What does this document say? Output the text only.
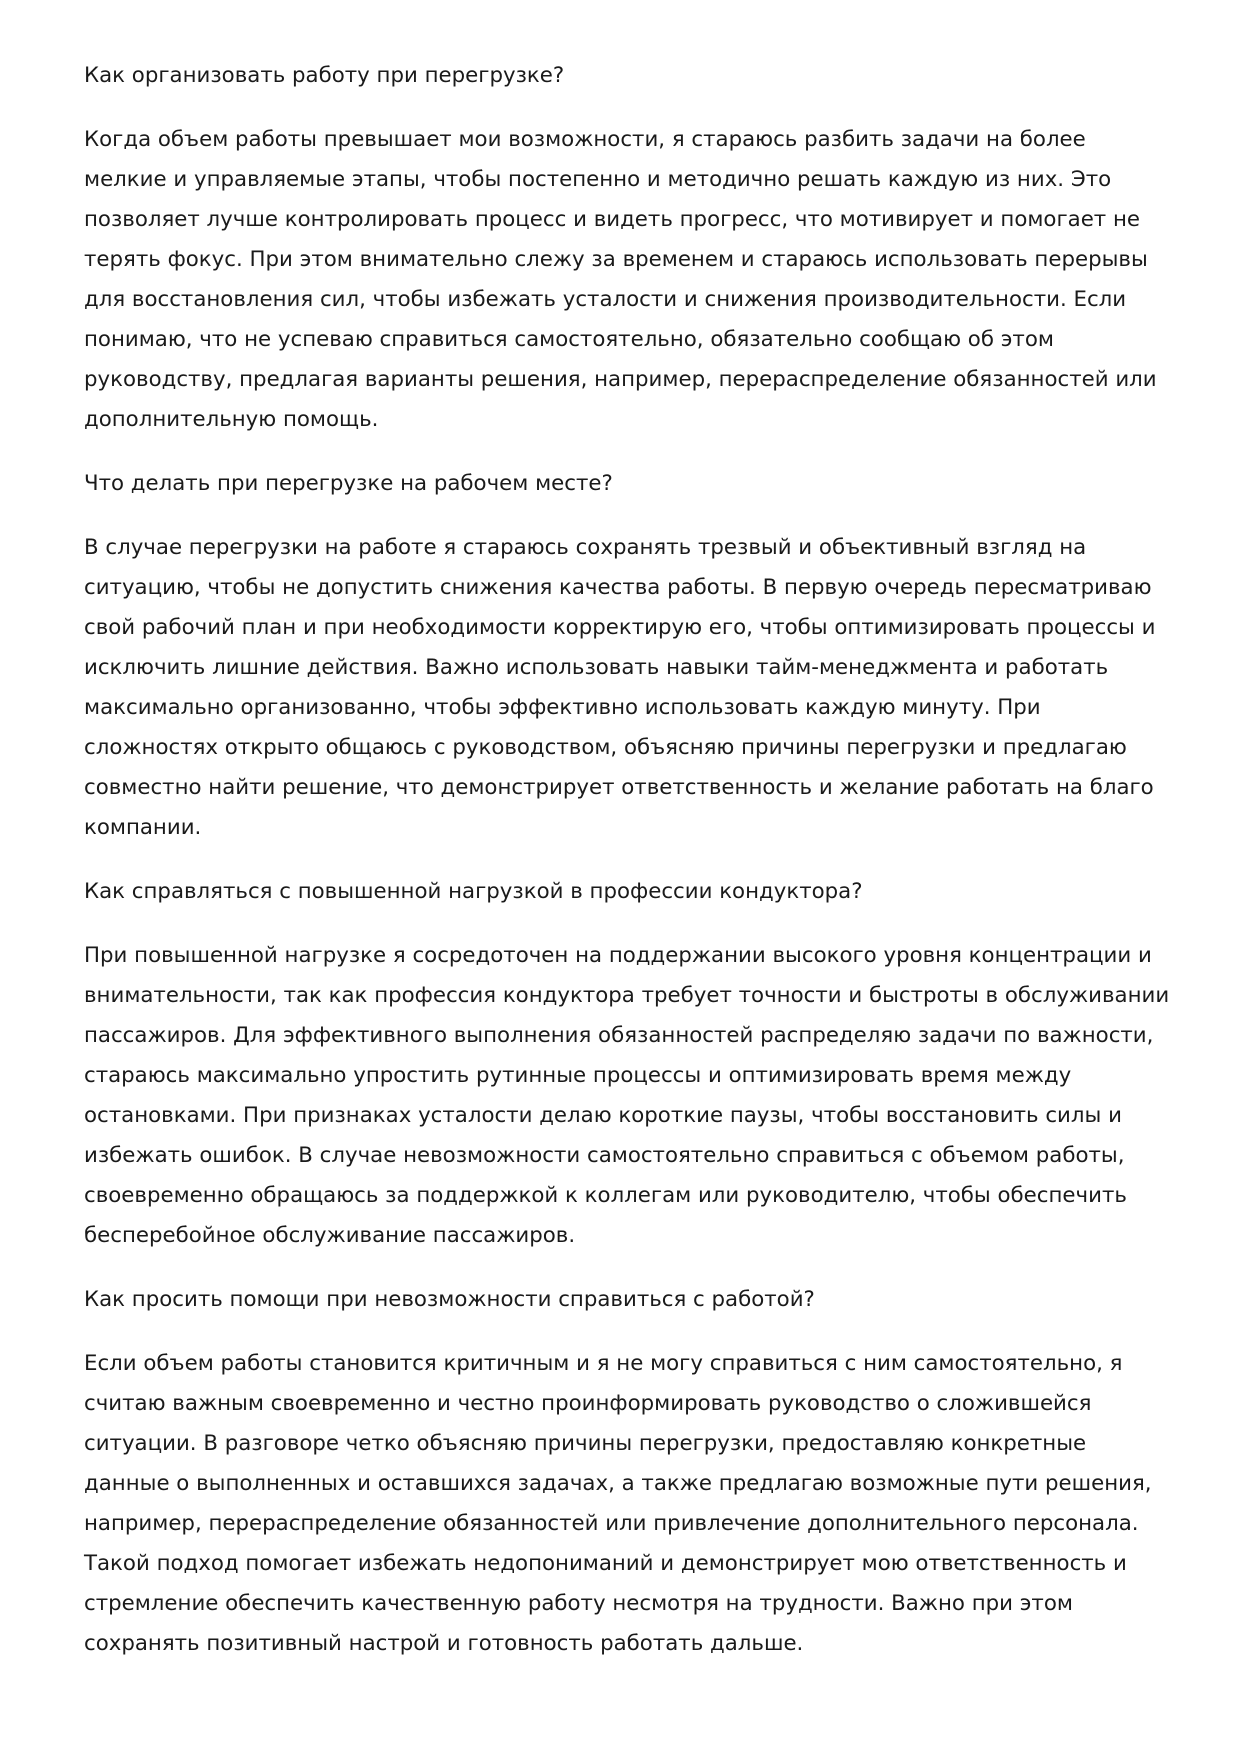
Как организовать работу при перегрузке?

Когда объем работы превышает мои возможности, я стараюсь разбить задачи на более мелкие и управляемые этапы, чтобы постепенно и методично решать каждую из них. Это позволяет лучше контролировать процесс и видеть прогресс, что мотивирует и помогает не терять фокус. При этом внимательно слежу за временем и стараюсь использовать перерывы для восстановления сил, чтобы избежать усталости и снижения производительности. Если понимаю, что не успеваю справиться самостоятельно, обязательно сообщаю об этом руководству, предлагая варианты решения, например, перераспределение обязанностей или дополнительную помощь.

Что делать при перегрузке на рабочем месте?

В случае перегрузки на работе я стараюсь сохранять трезвый и объективный взгляд на ситуацию, чтобы не допустить снижения качества работы. В первую очередь пересматриваю свой рабочий план и при необходимости корректирую его, чтобы оптимизировать процессы и исключить лишние действия. Важно использовать навыки тайм-менеджмента и работать максимально организованно, чтобы эффективно использовать каждую минуту. При сложностях открыто общаюсь с руководством, объясняю причины перегрузки и предлагаю совместно найти решение, что демонстрирует ответственность и желание работать на благо компании.

Как справляться с повышенной нагрузкой в профессии кондуктора?

При повышенной нагрузке я сосредоточен на поддержании высокого уровня концентрации и внимательности, так как профессия кондуктора требует точности и быстроты в обслуживании пассажиров. Для эффективного выполнения обязанностей распределяю задачи по важности, стараюсь максимально упростить рутинные процессы и оптимизировать время между остановками. При признаках усталости делаю короткие паузы, чтобы восстановить силы и избежать ошибок. В случае невозможности самостоятельно справиться с объемом работы, своевременно обращаюсь за поддержкой к коллегам или руководителю, чтобы обеспечить бесперебойное обслуживание пассажиров.

Как просить помощи при невозможности справиться с работой?

Если объем работы становится критичным и я не могу справиться с ним самостоятельно, я считаю важным своевременно и честно проинформировать руководство о сложившейся ситуации. В разговоре четко объясняю причины перегрузки, предоставляю конкретные данные о выполненных и оставшихся задачах, а также предлагаю возможные пути решения, например, перераспределение обязанностей или привлечение дополнительного персонала. Такой подход помогает избежать недопониманий и демонстрирует мою ответственность и стремление обеспечить качественную работу несмотря на трудности. Важно при этом сохранять позитивный настрой и готовность работать дальше.
